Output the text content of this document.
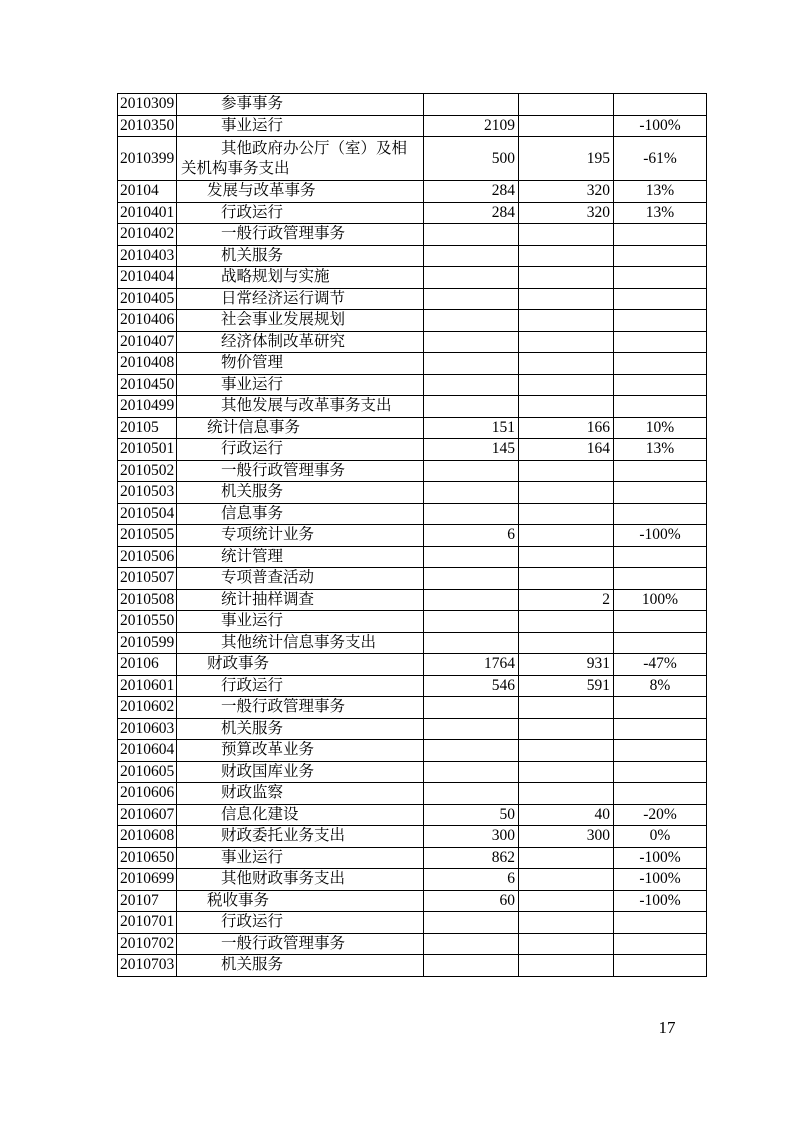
2010309	参事事务			
2010350	事业运行	2109		-100%
2010399	其他政府办公厅（室）及相关机构事务支出	500	195	-61%
20104	发展与改革事务	284	320	13%
2010401	行政运行	284	320	13%
2010402	一般行政管理事务			
2010403	机关服务			
2010404	战略规划与实施			
2010405	日常经济运行调节			
2010406	社会事业发展规划			
2010407	经济体制改革研究			
2010408	物价管理			
2010450	事业运行			
2010499	其他发展与改革事务支出			
20105	统计信息事务	151	166	10%
2010501	行政运行	145	164	13%
2010502	一般行政管理事务			
2010503	机关服务			
2010504	信息事务			
2010505	专项统计业务	6		-100%
2010506	统计管理			
2010507	专项普查活动			
2010508	统计抽样调查		2	100%
2010550	事业运行			
2010599	其他统计信息事务支出			
20106	财政事务	1764	931	-47%
2010601	行政运行	546	591	8%
2010602	一般行政管理事务			
2010603	机关服务			
2010604	预算改革业务			
2010605	财政国库业务			
2010606	财政监察			
2010607	信息化建设	50	40	-20%
2010608	财政委托业务支出	300	300	0%
2010650	事业运行	862		-100%
2010699	其他财政事务支出	6		-100%
20107	税收事务	60		-100%
2010701	行政运行			
2010702	一般行政管理事务			
2010703	机关服务			
17
